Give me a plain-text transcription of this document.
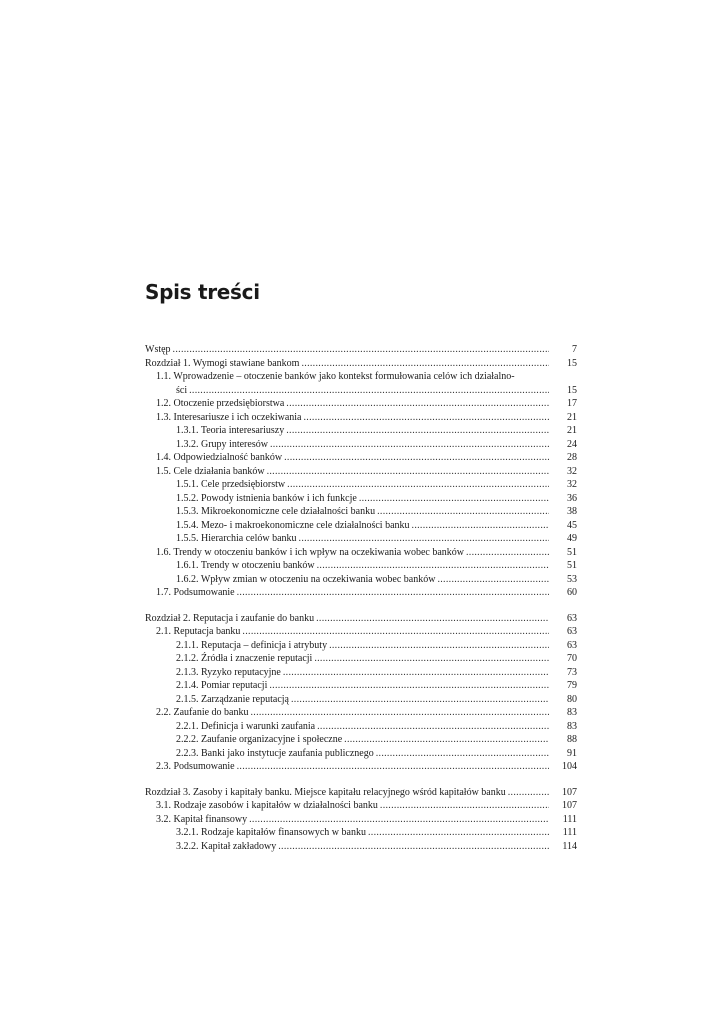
Spis treści
Wstęp .....	7
Rozdział 1. Wymogi stawiane bankom .....	15
1.1. Wprowadzenie – otoczenie banków jako kontekst formułowania celów ich działalno-
ści .....	15
1.2. Otoczenie przedsiębiorstwa .....	17
1.3. Interesariusze i ich oczekiwania .....	21
1.3.1. Teoria interesariuszy .....	21
1.3.2. Grupy interesów .....	24
1.4. Odpowiedzialność banków .....	28
1.5. Cele działania banków .....	32
1.5.1. Cele przedsiębiorstw .....	32
1.5.2. Powody istnienia banków i ich funkcje .....	36
1.5.3. Mikroekonomiczne cele działalności banku .....	38
1.5.4. Mezo- i makroekonomiczne cele działalności banku .....	45
1.5.5. Hierarchia celów banku .....	49
1.6. Trendy w otoczeniu banków i ich wpływ na oczekiwania wobec banków .....	51
1.6.1. Trendy w otoczeniu banków .....	51
1.6.2. Wpływ zmian w otoczeniu na oczekiwania wobec banków .....	53
1.7. Podsumowanie .....	60
Rozdział 2. Reputacja i zaufanie do banku .....	63
2.1. Reputacja banku .....	63
2.1.1. Reputacja – definicja i atrybuty .....	63
2.1.2. Źródła i znaczenie reputacji .....	70
2.1.3. Ryzyko reputacyjne .....	73
2.1.4. Pomiar reputacji .....	79
2.1.5. Zarządzanie reputacją .....	80
2.2. Zaufanie do banku .....	83
2.2.1. Definicja i warunki zaufania .....	83
2.2.2. Zaufanie organizacyjne i społeczne .....	88
2.2.3. Banki jako instytucje zaufania publicznego .....	91
2.3. Podsumowanie .....	104
Rozdział 3. Zasoby i kapitały banku. Miejsce kapitału relacyjnego wśród kapitałów banku .....	107
3.1. Rodzaje zasobów i kapitałów w działalności banku .....	107
3.2. Kapitał finansowy .....	111
3.2.1. Rodzaje kapitałów finansowych w banku .....	111
3.2.2. Kapitał zakładowy .....	114
